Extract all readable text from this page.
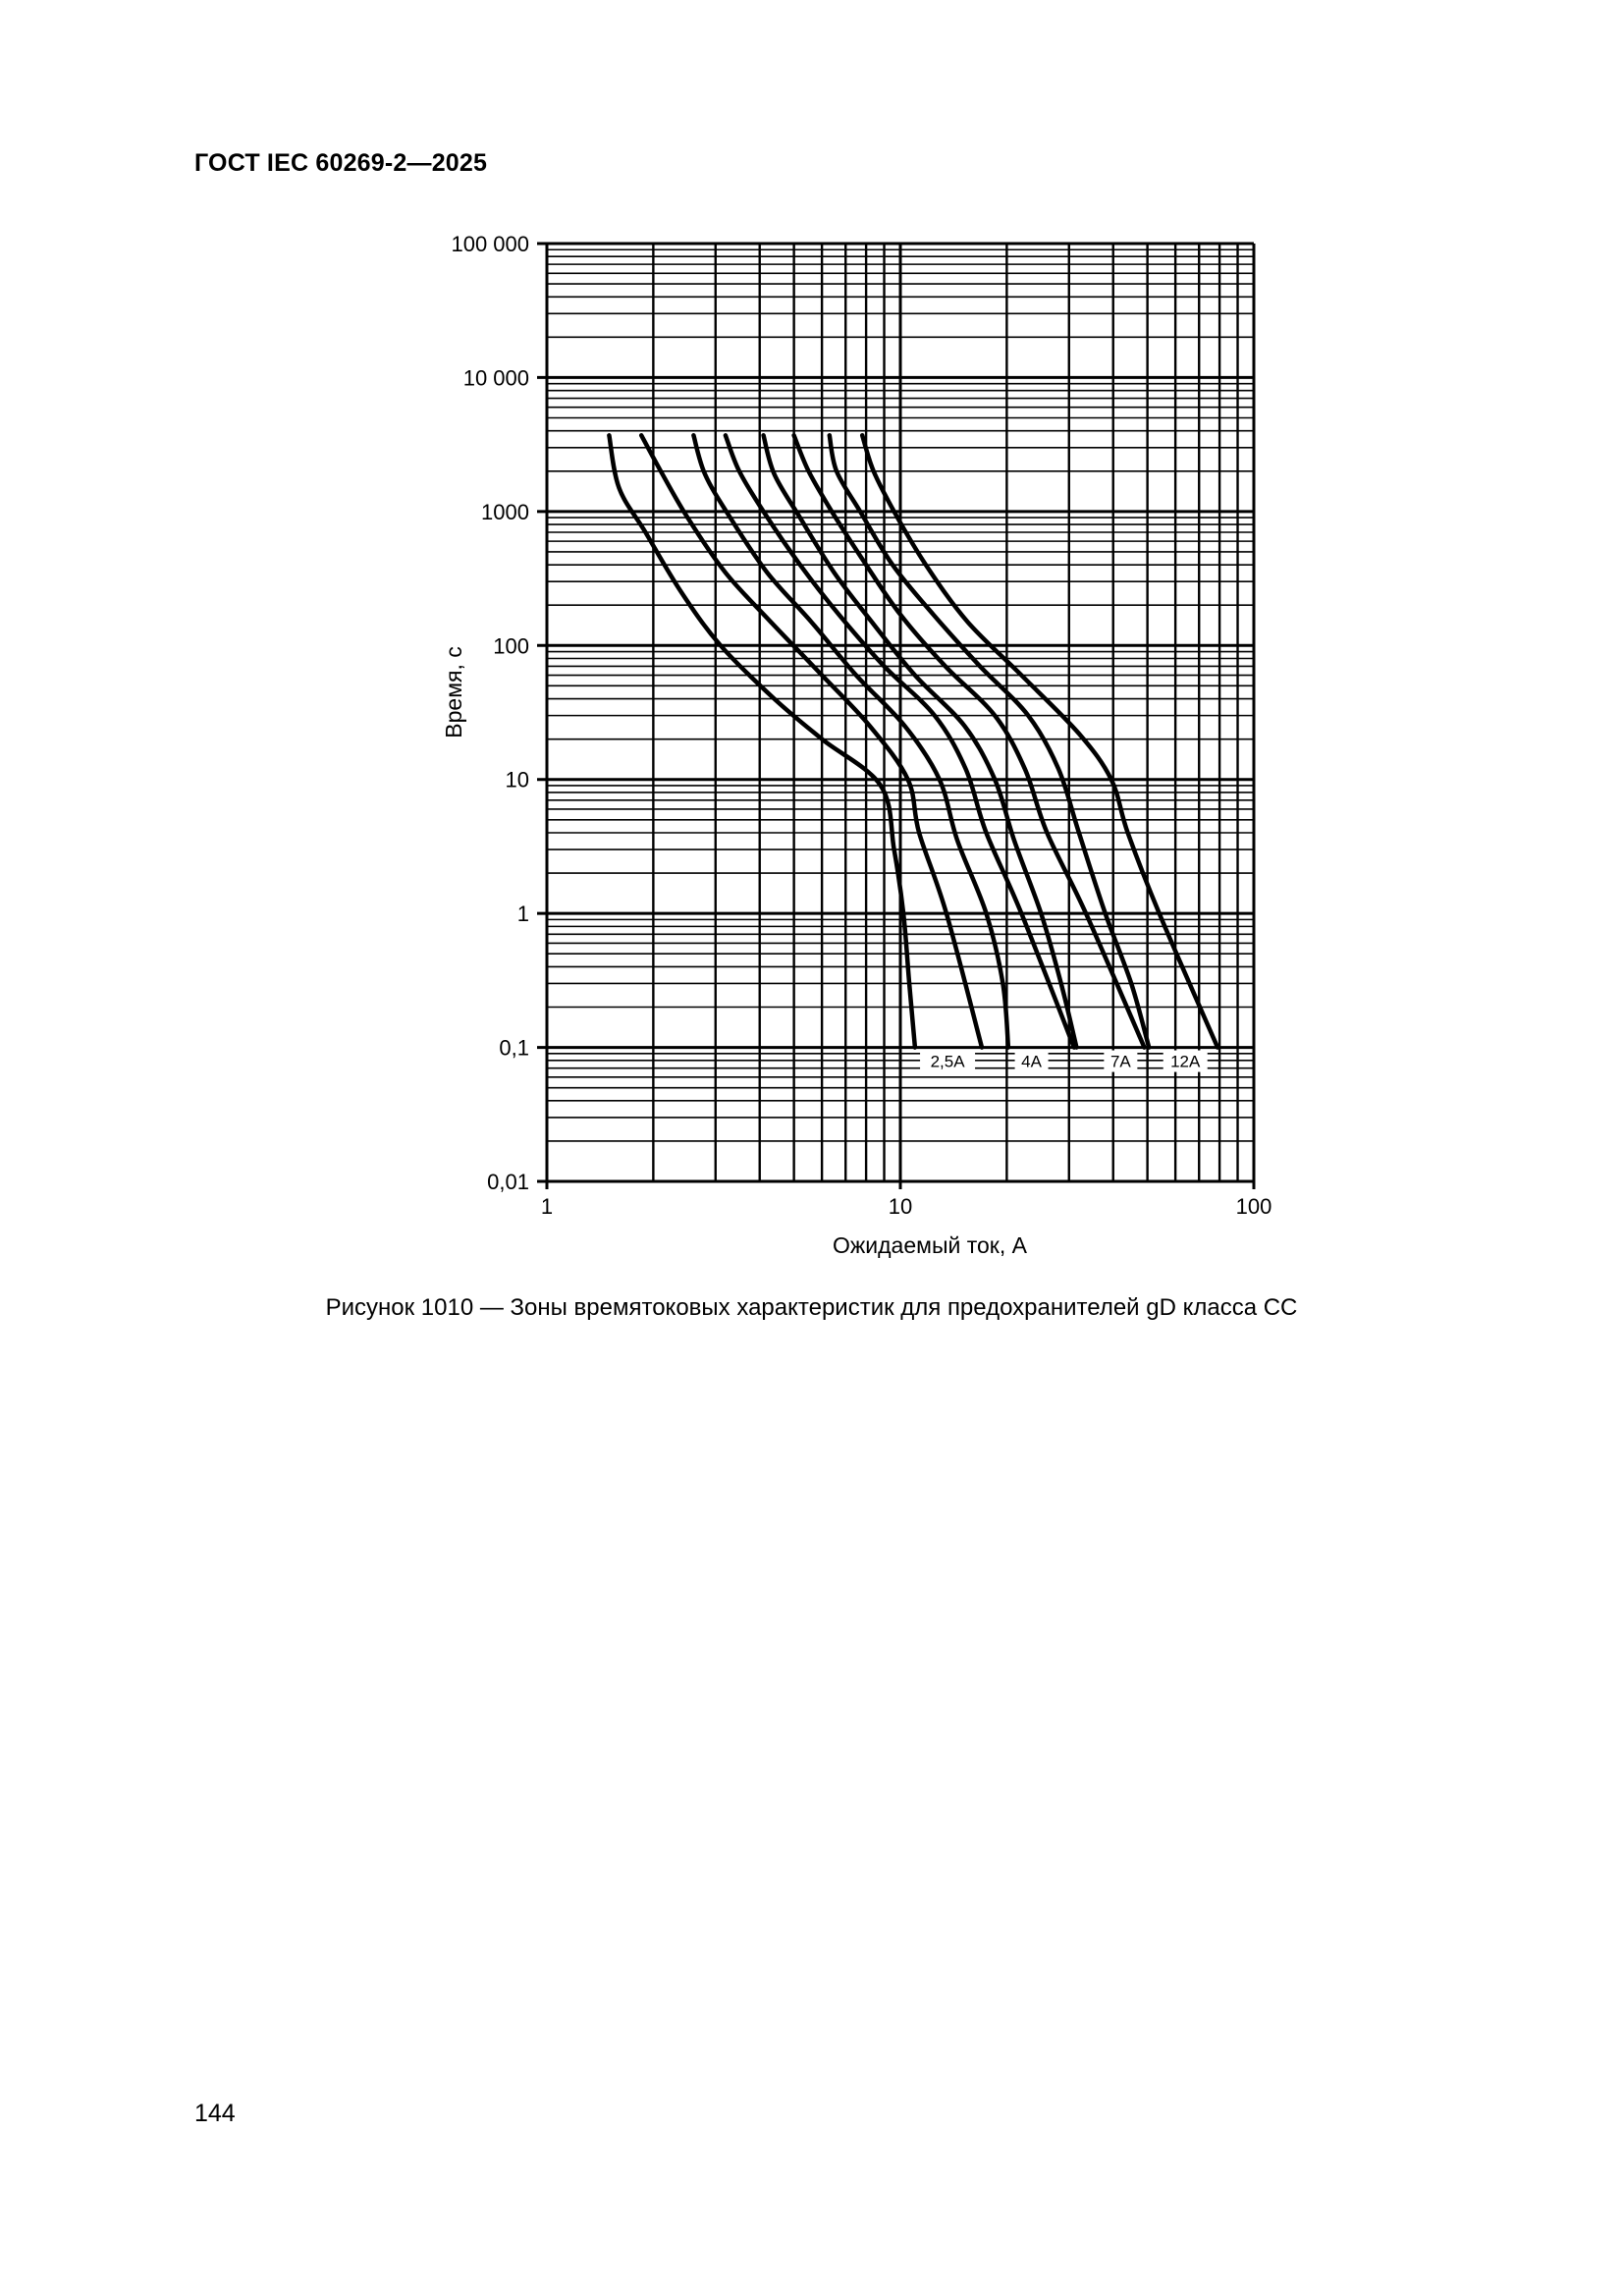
ГОСТ IEC 60269-2—2025
2,5A	4A	7A 12A
100 000
10 000
1000
100
10
1
0,1
0,01
1	10	100
Ожидаемый ток, А
Время, с
Рисунок 1010 — Зоны времятоковых характеристик для предохранителей gD класса CC
144
